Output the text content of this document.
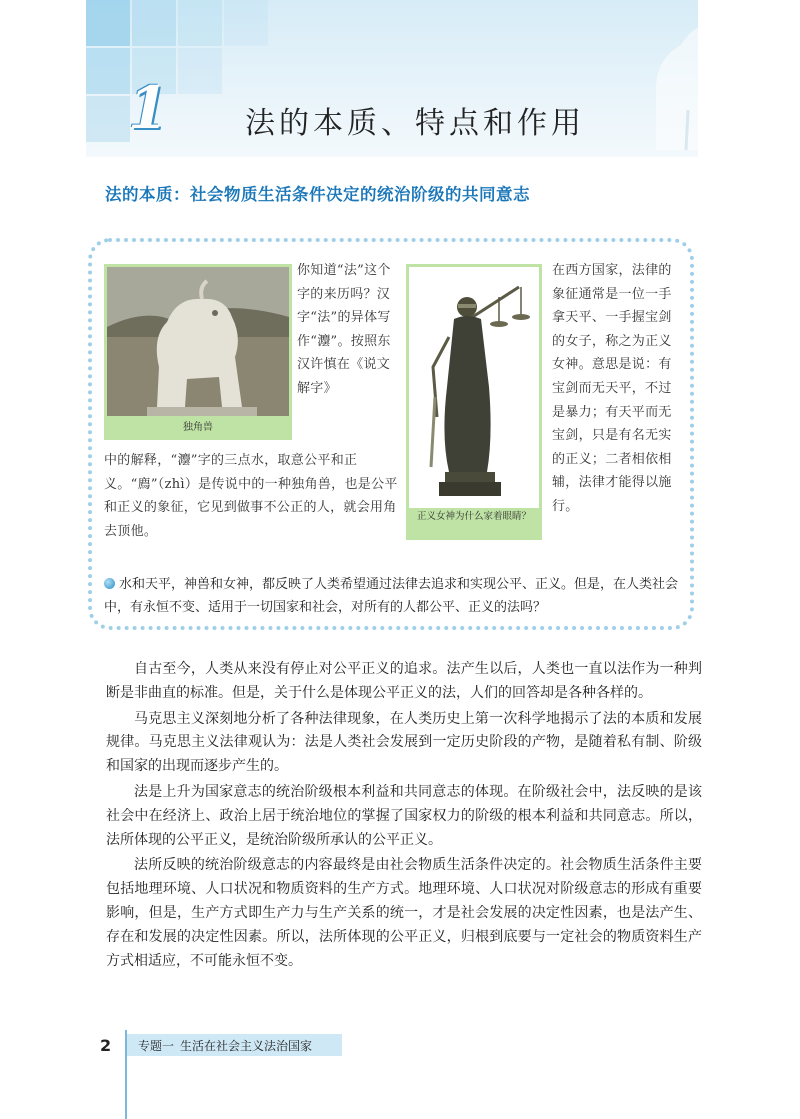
1	法的本质、特点和作用
法的本质：社会物质生活条件决定的统治阶级的共同意志
独角兽
你知道“法”这个字的来历吗？汉字“法”的异体写作“灋”。按照东汉许慎在《说文解字》
中的解释，“灋”字的三点水，取意公平和正义。“廌”（zhì）是传说中的一种独角兽，也是公平和正义的象征，它见到做事不公正的人，就会用角去顶他。
正义女神为什么家着眼睛？
在西方国家，法律的象征通常是一位一手拿天平、一手握宝剑的女子，称之为正义女神。意思是说：有宝剑而无天平，不过是暴力；有天平而无宝剑，只是有名无实的正义；二者相依相辅，法律才能得以施行。
水和天平，神兽和女神，都反映了人类希望通过法律去追求和实现公平、正义。但是，在人类社会中，有永恒不变、适用于一切国家和社会，对所有的人都公平、正义的法吗？

自古至今，人类从来没有停止对公平正义的追求。法产生以后，人类也一直以法作为一种判断是非曲直的标准。但是，关于什么是体现公平正义的法，人们的回答却是各种各样的。

马克思主义深刻地分析了各种法律现象，在人类历史上第一次科学地揭示了法的本质和发展规律。马克思主义法律观认为：法是人类社会发展到一定历史阶段的产物，是随着私有制、阶级和国家的出现而逐步产生的。

法是上升为国家意志的统治阶级根本利益和共同意志的体现。在阶级社会中，法反映的是该社会中在经济上、政治上居于统治地位的掌握了国家权力的阶级的根本利益和共同意志。所以，法所体现的公平正义，是统治阶级所承认的公平正义。

法所反映的统治阶级意志的内容最终是由社会物质生活条件决定的。社会物质生活条件主要包括地理环境、人口状况和物质资料的生产方式。地理环境、人口状况对阶级意志的形成有重要影响，但是，生产方式即生产力与生产关系的统一，才是社会发展的决定性因素，也是法产生、存在和发展的决定性因素。所以，法所体现的公平正义，归根到底要与一定社会的物质资料生产方式相适应，不可能永恒不变。

2 专题一 生活在社会主义法治国家
